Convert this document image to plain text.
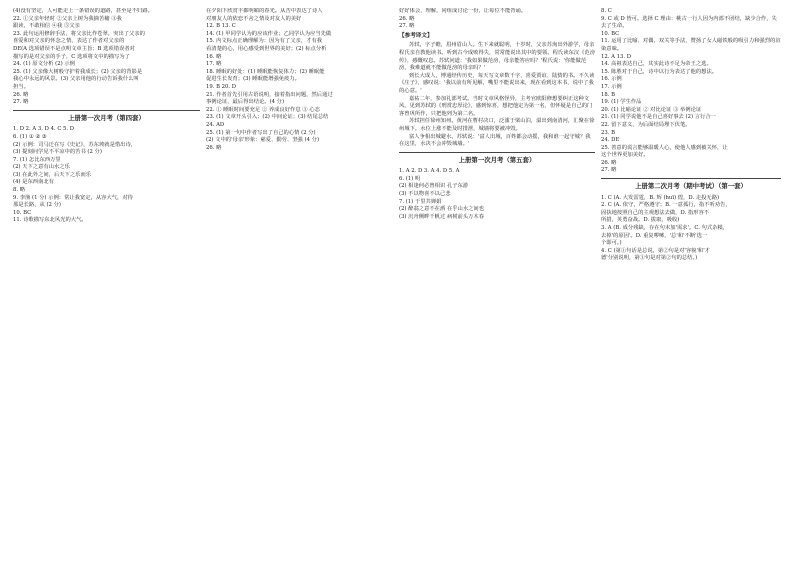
(4)没有坚定，人可能走上一条错误的道路，甚至是不归路。

22. ①父亲年轻时 ②父亲上树为我摘苦槠 ③我

跟读，不敢相信 ④我 ⑤父亲

23. 此句运用修辞手法，将父亲比作苍翠，突出了父亲的

喜爱和对父亲的怀念之情，表达了作者对父亲的

DE(A 选项错误不是点明文章主旨；B 选项错误者对

描写的是对父亲的手子，C 选项将文中的描写为了

24. (1) 原文分析 (2) 示例

25. (1) 父亲像大树般守护着我成长；(2) 父亲的背影是

我心中永远的风景。(3) 父亲用他的行动告诉我什么叫

担当。

26. 略

27. 略

上册第一次月考（第四套）

1. D 2. A 3. D 4. C 5. D

6. (1) ① ② ③

(2) 示例：司马迁在写《史记》，苏东坡就是惜出诗，

(3) 提刻问学见不平凉中的苦书 (2 分)

7. (1) 怎比东西万里

(2) 天下之意有山水之乐

(3) 在此外之间，后天下之乐而乐

(4) 是东西南北有

8. 略

9. 李渔 (1 分) 示例：常让我宽定，从容大气，对待

那是长路，从 (2 分)

10. BC

11. 诗歌描写东北风光的大气。

在夕阳下欣赏丰都明媚的春光。从苦中表达了诗人

对朋友人的依恋不舍之情及对友人的美好

12. B 13. C

14. (1) 甲同学认为的应该作业；乙同学认为应当先做

15. 内文标点正确理解为：因为有了父亲，才有我

看清楚的心，用心感受到世界的美好；(2) 标点分析

16. 略

17. 略

18. 睡眠的好处：(1) 睡眠能恢复体力；(2) 睡眠能

促进生长发育；(3) 睡眠能增强免疫力。

19. B 20. D

21. 作者首先引用古语说明，接着指出问题，然后通过

事例论证，最后得出结论。(4 分)

22. ① 睡眠时间要充足 ② 养成良好作息 ③ 心态

23. (1) 文章开头引入；(2) 中间论证；(3) 结尾总结

24. AD

25. (1) 第一句中作者写出了自己的心情 (2 分)

(2) 文中的'母亲'形象：慈爱、勤劳、坚强 (4 分)

26. 略

好好体会，理解，同组成讨论一份，让每位不能背诵。

26. 略

27. 略

【参考译文】

苏轼，字子瞻，眉州眉山人。生下来就聪明，十岁时，父亲苏洵出外游学，母亲程氏亲自教他读书。听到古今成败得失，常常能说出其中的要领。程氏读东汉《范滂传》，感慨叹息。苏轼问道：'我如果做范滂，母亲能答应吗？'程氏说：'你能做范滂，我难道就不能做范滂的母亲吗？'

到长大成人，博通经传历史，每天写文章数千字，喜爱贾谊、陆贽的书。不久读《庄子》，感叹说：'我以前有所见解，嘴里不能说出来，现在看到这本书，说中了我的心意。'

嘉祐二年，参加礼部考试。当时文章风格怪异，主考官欧阳修想要纠正这种文风，见到苏轼的《刑赏忠厚论》，感到惊喜，想把他定为第一名，但怀疑是自己的门客曾巩所作，只把他列为第二名。

苏轼担任徐州知州。黄河在曹村决口，泛滥于梁山泊，溢出到南清河，汇聚在徐州城下。水位上涨不能及时排泄，城墙将要被冲毁。

富人争相出城避水，苏轼说：'富人出城，百姓都会动摇，我和谁一起守城？我在这里，水决不会冲毁城墙。'

上册第一次月考（第五套）

1. A 2. D 3. A 4. D 5. A

6. (1) 明

(2) 相逢何必曾相识 孔子东游

(3) 不以物喜不以己悲

7. (1) 干里共婵娟

(2) 醉翁之意不在酒 在乎山水之间也

(3) 沉舟侧畔千帆过 病树前头万木春

8. C

9. C 或 D 皆可。选择 C 理由：桃古一行人因为内部不团结，缺少合作，失去了生命。

10. BC

11. 运用了比喻、对偶，双关等手法，赞扬了女人磁铁般的吸引力和强烈的渲染意味。

12. A 13. D

14. 高祖表达自己，其实此诗不足为帝王之选。

15. 陈胜对于自己，诗中以行为表达了他的想法。

16. 示例

17. 示例

18. B

19. (1) 学生作品

20. (1) 比喻论证 ② 对比论证 ③ 举例论证

21. (1) 同学说他不是自己喜好事去 (2) 言行合一

22. 留下意义，为后面结局埋下伏笔。

23. B

24. DE

25. 善意的谎言能够温暖人心，使他人感到被关怀，让

这个世界更加美好。

26. 略

27. 略

上册第二次月考（期中考试）（第一套）

1. C (A. 大发雷霆，B. 辉 (huī) 煌，D. 走投无路)

2. C (A. 依守，严格遵守；B. 一意孤行，指不听劝告，

固执地按照自己的主观想法去做，D. 指形容不

所措，英勇奋战。D. 拔取，吸收)

3. A (B. 成分残缺，存在句末加'需求'。C. 句式杂糅，

去掉'的原因'。D. 重复啰嗦，'总'和'不断'选一

个即可。)

4. C (第①句话是总说，第②句是对'容貌'和'才

德'分别说明，第③句是对第②句的总结。)
